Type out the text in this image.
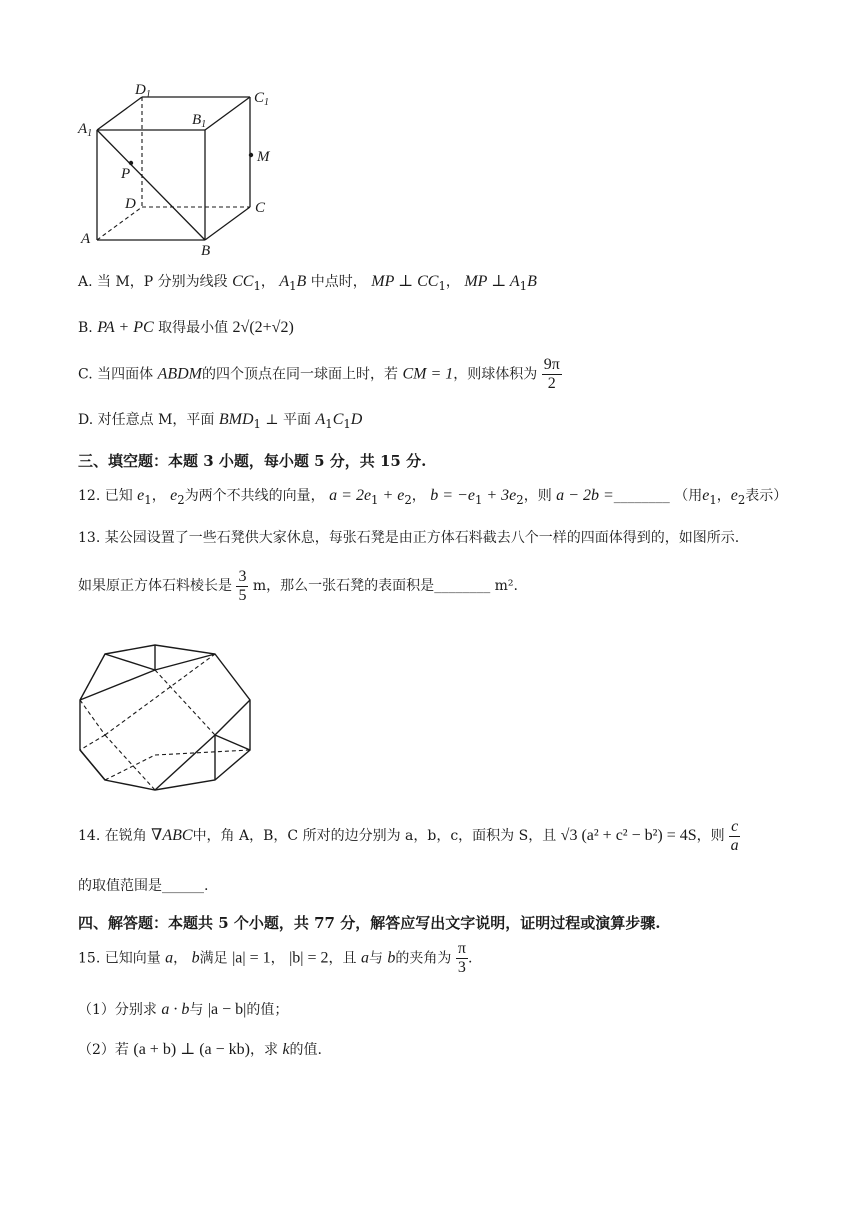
$D_1$	$C_1$
$A_1$
$B_1$
M
P
D	C
A
B
A. 当 M，P 分别为线段 $CC_1$， $A_1B$ 中点时， MP ⊥ $CC_1$， MP ⊥ $A_1B$
B. PA + PC 取得最小值 2√(2+√2)
C. 当四面体 ABDM的四个顶点在同一球面上时，若 CM = 1，则球体积为 $\frac{9\pi}{2}$
D. 对任意点 M，平面 $BMD_1$ ⊥ 平面 $A_1C_1D$
三、填空题：本题 3 小题，每小题 5 分，共 15 分.
12. 已知 $e_1$， $e_2$为两个不共线的向量， $a = 2e_1 + e_2$， $b = -e_1 + 3e_2$，则 a − 2b =________ （用$e_1$，$e_2$表示）
13. 某公园设置了一些石凳供大家休息，每张石凳是由正方体石料截去八个一样的四面体得到的，如图所示.
如果原正方体石料棱长是 $\frac{3}{5}$ m，那么一张石凳的表面积是________ m².
14. 在锐角 ∇ABC中，角 A，B，C 所对的边分别为 a，b，c，面积为 S，且 √3 (a² + c² − b²) = 4S，则 $\frac{c}{a}$
的取值范围是______.
四、解答题：本题共 5 个小题，共 77 分，解答应写出文字说明，证明过程或演算步骤.
15. 已知向量 a， b满足 |a| = 1， |b| = 2，且 a与 b的夹角为 $\frac{\pi}{3}$ .
（1）分别求 a · b与 |a − b|的值；
（2）若 (a + b) ⊥ (a − kb)，求 k的值.
